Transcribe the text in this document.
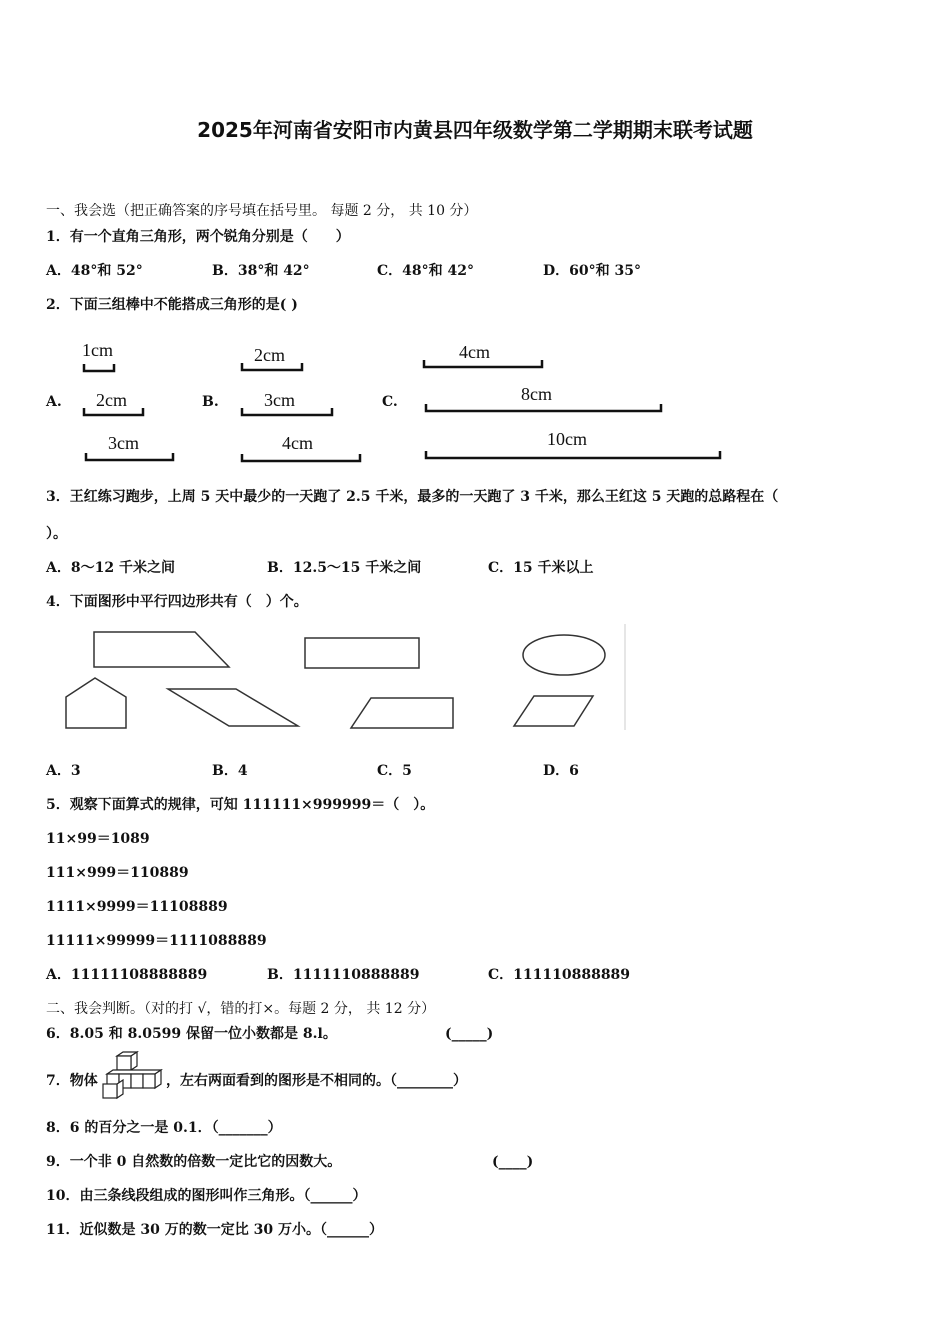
2025年河南省安阳市内黄县四年级数学第二学期期末联考试题
一、我会选（把正确答案的序号填在括号里。 每题 2 分， 共 10 分）
1．有一个直角三角形，两个锐角分别是（　　）
A．48°和 52°	B．38°和 42°	C．48°和 42°	D．60°和 35°
2．下面三组棒中不能搭成三角形的是( )
A.	B.	C.
1cm
2cm
3cm
2cm
3cm
4cm
4cm
8cm
10cm
3．王红练习跑步，上周 5 天中最少的一天跑了 2.5 千米，最多的一天跑了 3 千米，那么王红这 5 天跑的总路程在（
）。
A．8～12 千米之间	B．12.5～15 千米之间	C．15 千米以上
4．下面图形中平行四边形共有（　）个。
A．3	B．4	C．5	D．6
5．观察下面算式的规律，可知 111111×999999＝（　）。
11×99＝1089
111×999＝110889
1111×9999＝11108889
11111×99999＝1111088889
A．11111108888889	B．1111110888889	C．111110888889
二、我会判断。（对的打 √，错的打×。每题 2 分， 共 12 分）
6．8.05 和 8.0599 保留一位小数都是 8.l。	(_____)
7．物体	，左右两面看到的图形是不相同的。（________）
8．6 的百分之一是 0.1．（_______）
9．一个非 0 自然数的倍数一定比它的因数大。	(____)
10．由三条线段组成的图形叫作三角形。（______）
11．近似数是 30 万的数一定比 30 万小。（______）
